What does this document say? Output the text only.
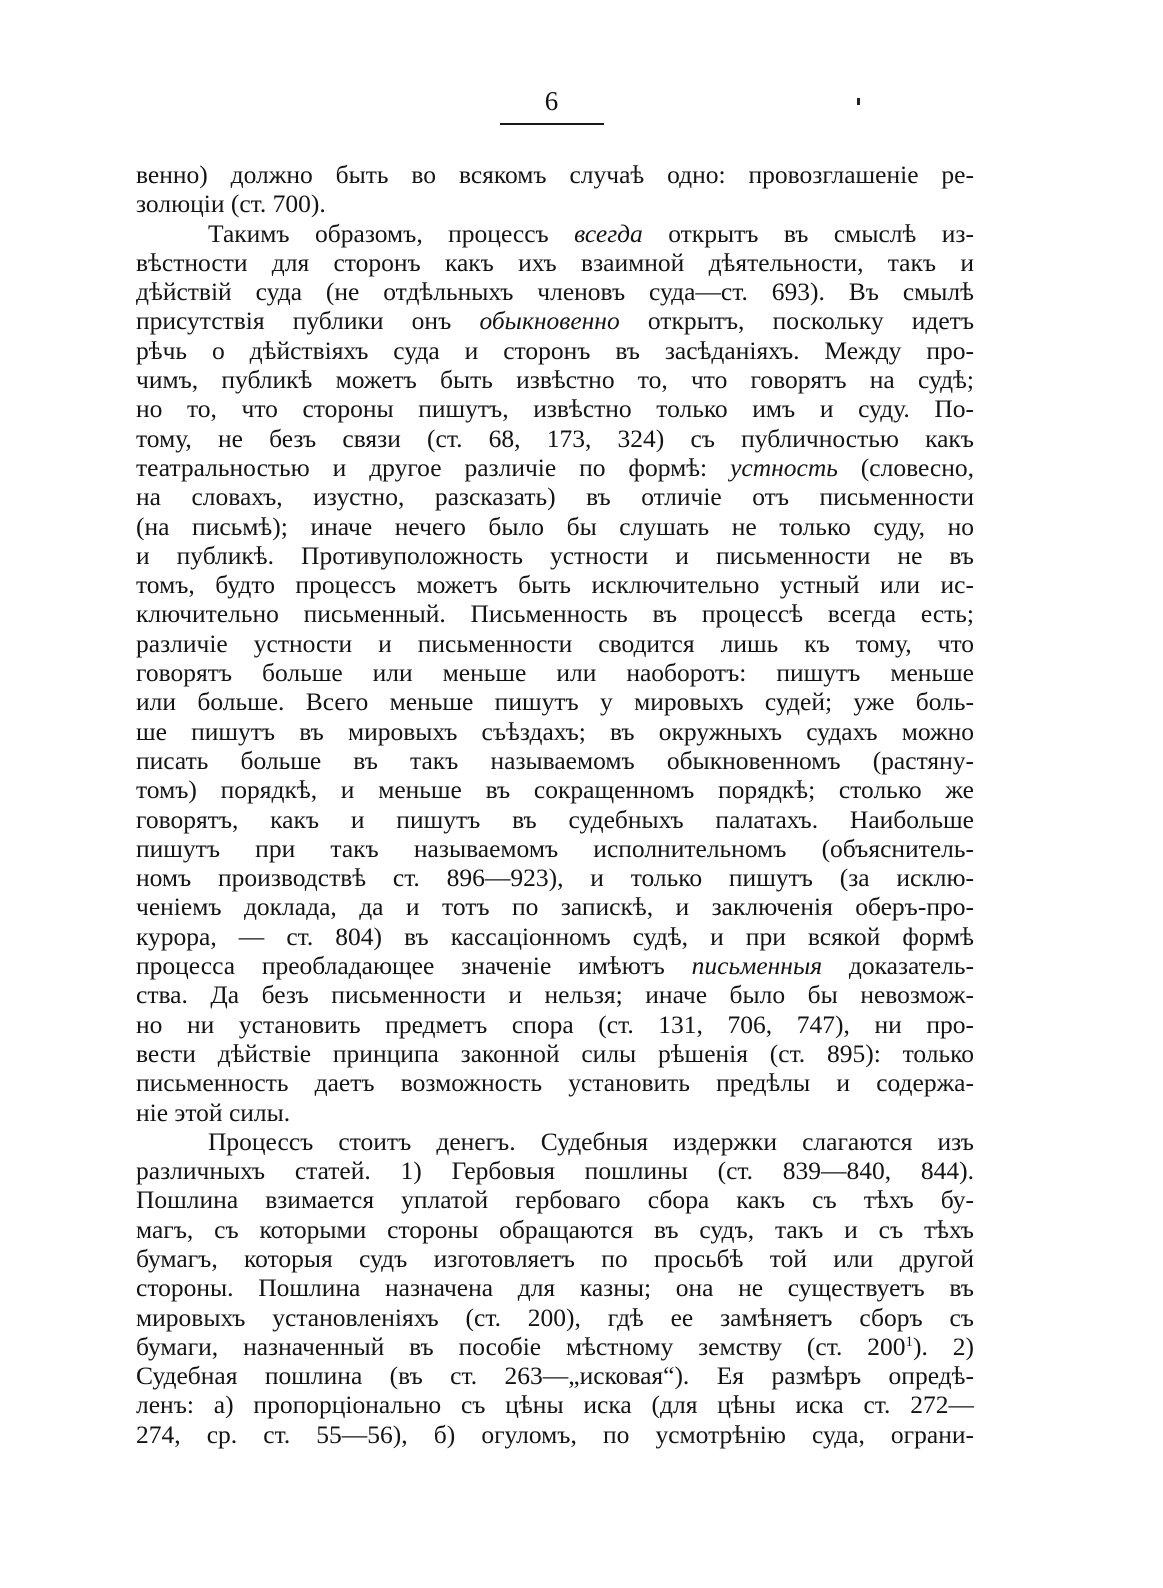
6
венно) должно быть во всякомъ случаѣ одно: провозглашеніе ре-
золюціи (ст. 700).
Такимъ образомъ, процессъ всегда открытъ въ смыслѣ из-
вѣстности для сторонъ какъ ихъ взаимной дѣятельности, такъ и
дѣйствій суда (не отдѣльныхъ членовъ суда—ст. 693). Въ смылѣ
присутствія публики онъ обыкновенно открытъ, поскольку идетъ
рѣчь о дѣйствіяхъ суда и сторонъ въ засѣданіяхъ. Между про-
чимъ, публикѣ можетъ быть извѣстно то, что говорятъ на судѣ;
но то, что стороны пишутъ, извѣстно только имъ и суду. По-
тому, не безъ связи (ст. 68, 173, 324) съ публичностью какъ
театральностью и другое различіе по формѣ: устность (словесно,
на словахъ, изустно, разсказать) въ отличіе отъ письменности
(на письмѣ); иначе нечего было бы слушать не только суду, но
и публикѣ. Противуположность устности и письменности не въ
томъ, будто процессъ можетъ быть исключительно устный или ис-
ключительно письменный. Письменность въ процессѣ всегда есть;
различіе устности и письменности сводится лишь къ тому, что
говорятъ больше или меньше или наоборотъ: пишутъ меньше
или больше. Всего меньше пишутъ у мировыхъ судей; уже боль-
ше пишутъ въ мировыхъ съѣздахъ; въ окружныхъ судахъ можно
писать больше въ такъ называемомъ обыкновенномъ (растяну-
томъ) порядкѣ, и меньше въ сокращенномъ порядкѣ; столько же
говорятъ, какъ и пишутъ въ судебныхъ палатахъ. Наибольше
пишутъ при такъ называемомъ исполнительномъ (объяснитель-
номъ производствѣ ст. 896—923), и только пишутъ (за исклю-
ченіемъ доклада, да и тотъ по запискѣ, и заключенія оберъ-про-
курора, — ст. 804) въ кассаціонномъ судѣ, и при всякой формѣ
процесса преобладающее значеніе имѣютъ письменныя доказатель-
ства. Да безъ письменности и нельзя; иначе было бы невозмож-
но ни установить предметъ спора (ст. 131, 706, 747), ни про-
вести дѣйствіе принципа законной силы рѣшенія (ст. 895): только
письменность даетъ возможность установить предѣлы и содержа-
ніе этой силы.
Процессъ стоитъ денегъ. Судебныя издержки слагаются изъ
различныхъ статей. 1) Гербовыя пошлины (ст. 839—840, 844).
Пошлина взимается уплатой гербоваго сбора какъ съ тѣхъ бу-
магъ, съ которыми стороны обращаются въ судъ, такъ и съ тѣхъ
бумагъ, которыя судъ изготовляетъ по просьбѣ той или другой
стороны. Пошлина назначена для казны; она не существуетъ въ
мировыхъ установленіяхъ (ст. 200), гдѣ ее замѣняетъ сборъ съ
бумаги, назначенный въ пособіе мѣстному земству (ст. $200^1$). 2)
Судебная пошлина (въ ст. 263—„исковая“). Ея размѣръ опредѣ-
ленъ: а) пропорціонально съ цѣны иска (для цѣны иска ст. 272—
274, ср. ст. 55—56), б) огуломъ, по усмотрѣнію суда, ограни-
